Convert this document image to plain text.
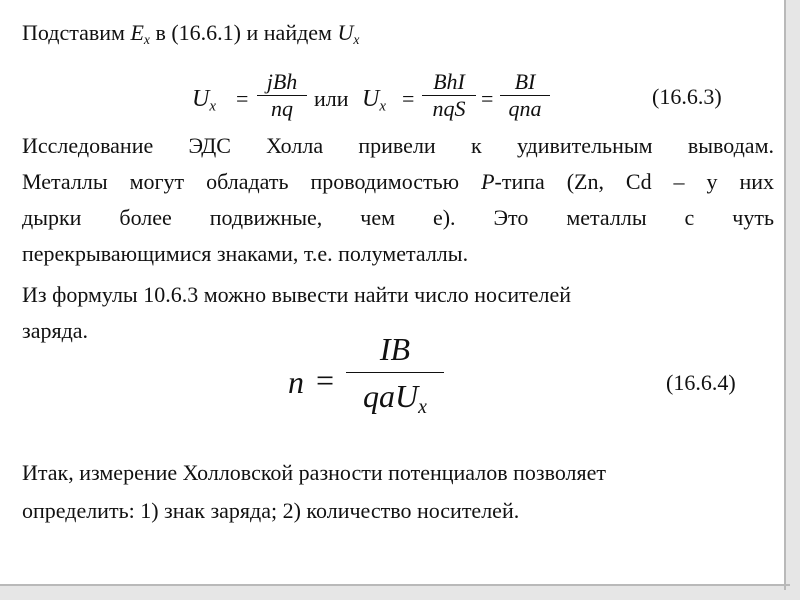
Подставим $E_x$ в (16.6.1) и найдем $U_x$
$U_x$ =
jBh
nq или $U_x$ =
BhI
nqS =
BI
qna	(16.6.3)
Исследование ЭДС Холла привели к удивительным выводам.
Металлы могут обладать проводимостью P-типа (Zn, Cd – у них
дырки более подвижные, чем е). Это металлы с чуть
перекрывающимися знаками, т.е. полуметаллы.
Из формулы 10.6.3 можно вывести найти число носителей
заряда.
n =
IB
qaU$_x$
(16.6.4)
Итак, измерение Холловской разности потенциалов позволяет
определить: 1) знак заряда; 2) количество носителей.
